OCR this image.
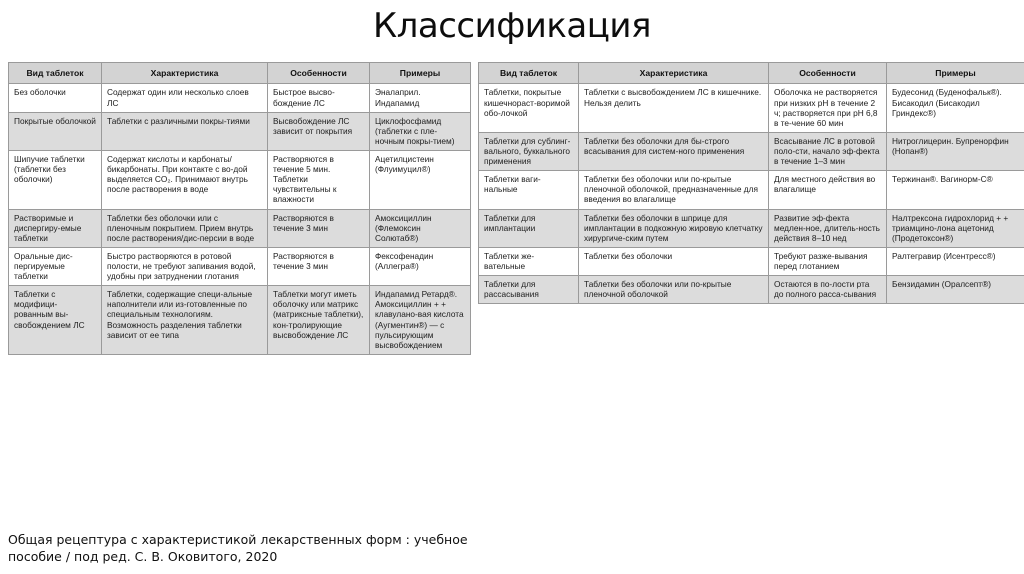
Классификация
Вид таблеток	Характеристика	Особенности	Примеры
Без оболочки	Содержат один или несколько слоев ЛС	Быстрое высво-бождение ЛС	Эналаприл. Индапамид
Покрытые оболочкой	Таблетки с различными покры-тиями	Высвобождение ЛС зависит от покрытия	Циклофосфамид (таблетки с пле-ночным покры-тием)
Шипучие таблетки (таблетки без оболочки)	Содержат кислоты и карбонаты/бикарбонаты. При контакте с во-дой выделяется CO₂. Принимают внутрь после растворения в воде	Растворяются в течение 5 мин. Таблетки чувствительны к влажности	Ацетилцистеин (Флуимуцил®)
Растворимые и диспергиру-емые таблетки	Таблетки без оболочки или с пленочным покрытием. Прием внутрь после растворения/дис-персии в воде	Растворяются в течение 3 мин	Амоксициллин (Флемоксин Солютаб®)
Оральные дис-пергируемые таблетки	Быстро растворяются в ротовой полости, не требуют запивания водой, удобны при затруднении глотания	Растворяются в течение 3 мин	Фексофенадин (Аллегра®)
Таблетки с модифици-рованным вы-свобождением ЛС	Таблетки, содержащие специ-альные наполнители или из-готовленные по специальным технологиям. Возможность разделения таблетки зависит от ее типа	Таблетки могут иметь оболочку или матрикс (матриксные таблетки), кон-тролирующие высвобождение ЛС	Индапамид Ретард®. Амоксициллин + + клавулано-вая кислота (Аугментин®) — с пульсирующим высвобождением
Вид таблеток	Характеристика	Особенности	Примеры
Таблетки, покрытые кишечнораст-воримой обо-лочкой	Таблетки с высвобождением ЛС в кишечнике. Нельзя делить	Оболочка не растворяется при низких pH в течение 2 ч; растворяется при pH 6,8 в те-чение 60 мин	Будесонид (Буденофальк®). Бисакодил (Бисакодил Гриндекс®)
Таблетки для сублинг-вального, буккального применения	Таблетки без оболочки для бы-строго всасывания для систем-ного применения	Всасывание ЛС в ротовой поло-сти, начало эф-фекта в течение 1–3 мин	Нитроглицерин. Бупренорфин (Нопан®)
Таблетки ваги-нальные	Таблетки без оболочки или по-крытые пленочной оболочкой, предназначенные для введения во влагалище	Для местного действия во влагалище	Тержинан®. Вагинорм-С®
Таблетки для имплантации	Таблетки без оболочки в шприце для имплантации в подкожную жировую клетчатку хирургиче-ским путем	Развитие эф-фекта медлен-ное, длитель-ность действия 8–10 нед	Налтрексона гидрохлорид + + триамцино-лона ацетонид (Продетоксон®)
Таблетки же-вательные	Таблетки без оболочки	Требуют разже-вывания перед глотанием	Ралтегравир (Исентресс®)
Таблетки для рассасывания	Таблетки без оболочки или по-крытые пленочной оболочкой	Остаются в по-лости рта до полного расса-сывания	Бензидамин (Оралсепт®)
Общая рецептура с характеристикой лекарственных форм : учебное
пособие / под ред. С. В. Оковитого, 2020
